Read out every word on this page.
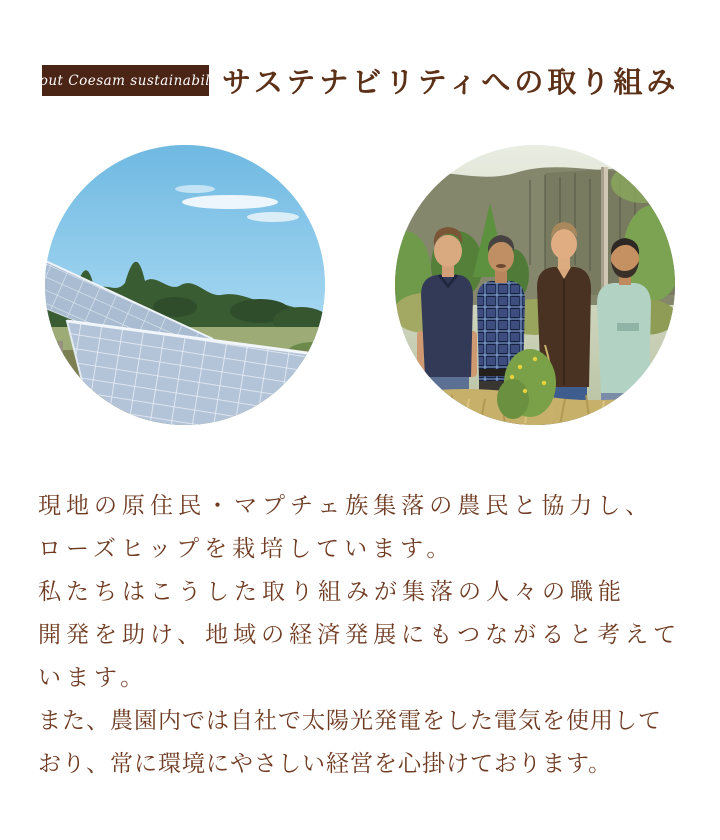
about Coesam sustainability
サステナビリティへの取り組み

現地の原住民・マプチェ族集落の農民と協力し、
ローズヒップを栽培しています。

私たちはこうした取り組みが集落の人々の職能
開発を助け、地域の経済発展にもつながると考えて
います。

また、農園内では自社で太陽光発電をした電気を使用して
おり、常に環境にやさしい経営を心掛けております。
